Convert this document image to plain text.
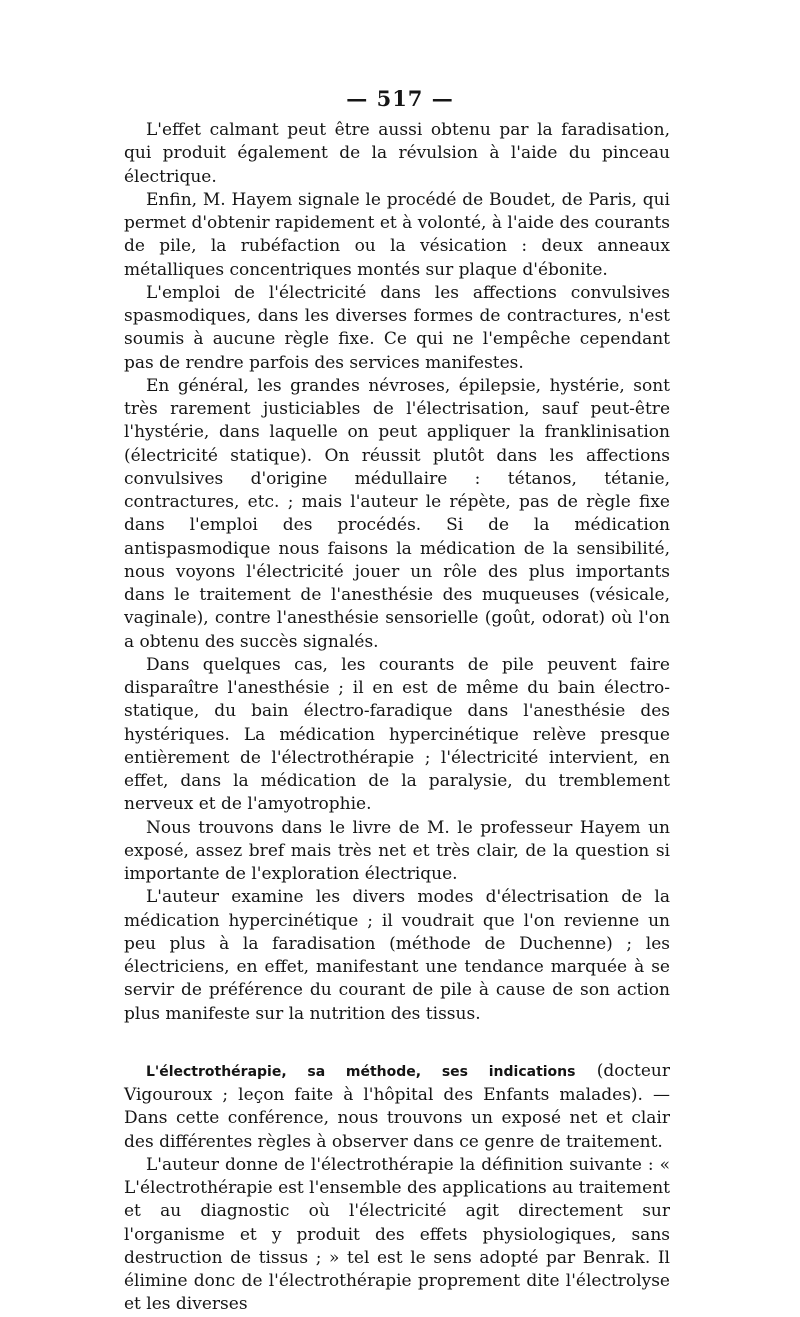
— 517 —

L'effet calmant peut être aussi obtenu par la faradisation, qui produit également de la révulsion à l'aide du pinceau électrique.

Enfin, M. Hayem signale le procédé de Boudet, de Paris, qui permet d'obtenir rapidement et à volonté, à l'aide des courants de pile, la rubéfaction ou la vésication : deux anneaux métalliques concentriques montés sur plaque d'ébonite.

L'emploi de l'électricité dans les affections convulsives spasmodiques, dans les diverses formes de contractures, n'est soumis à aucune règle fixe. Ce qui ne l'empêche cependant pas de rendre parfois des services manifestes.

En général, les grandes névroses, épilepsie, hystérie, sont très rarement justiciables de l'électrisation, sauf peut-être l'hystérie, dans laquelle on peut appliquer la franklinisation (électricité statique). On réussit plutôt dans les affections convulsives d'origine médullaire : tétanos, tétanie, contractures, etc. ; mais l'auteur le répète, pas de règle fixe dans l'emploi des procédés. Si de la médication antispasmodique nous faisons la médication de la sensibilité, nous voyons l'électricité jouer un rôle des plus importants dans le traitement de l'anesthésie des muqueuses (vésicale, vaginale), contre l'anesthésie sensorielle (goût, odorat) où l'on a obtenu des succès signalés.

Dans quelques cas, les courants de pile peuvent faire disparaître l'anesthésie ; il en est de même du bain électro-statique, du bain électro-faradique dans l'anesthésie des hystériques. La médication hypercinétique relève presque entièrement de l'électrothérapie ; l'électricité intervient, en effet, dans la médication de la paralysie, du tremblement nerveux et de l'amyotrophie.

Nous trouvons dans le livre de M. le professeur Hayem un exposé, assez bref mais très net et très clair, de la question si importante de l'exploration électrique.

L'auteur examine les divers modes d'électrisation de la médication hypercinétique ; il voudrait que l'on revienne un peu plus à la faradisation (méthode de Duchenne) ; les électriciens, en effet, manifestant une tendance marquée à se servir de préférence du courant de pile à cause de son action plus manifeste sur la nutrition des tissus.

L'électrothérapie, sa méthode, ses indications (docteur Vigouroux ; leçon faite à l'hôpital des Enfants malades). — Dans cette conférence, nous trouvons un exposé net et clair des différentes règles à observer dans ce genre de traitement.

L'auteur donne de l'électrothérapie la définition suivante : « L'électrothérapie est l'ensemble des applications au traitement et au diagnostic où l'électricité agit directement sur l'organisme et y produit des effets physiologiques, sans destruction de tissus ; » tel est le sens adopté par Benrak. Il élimine donc de l'électrothérapie proprement dite l'électrolyse et les diverses
